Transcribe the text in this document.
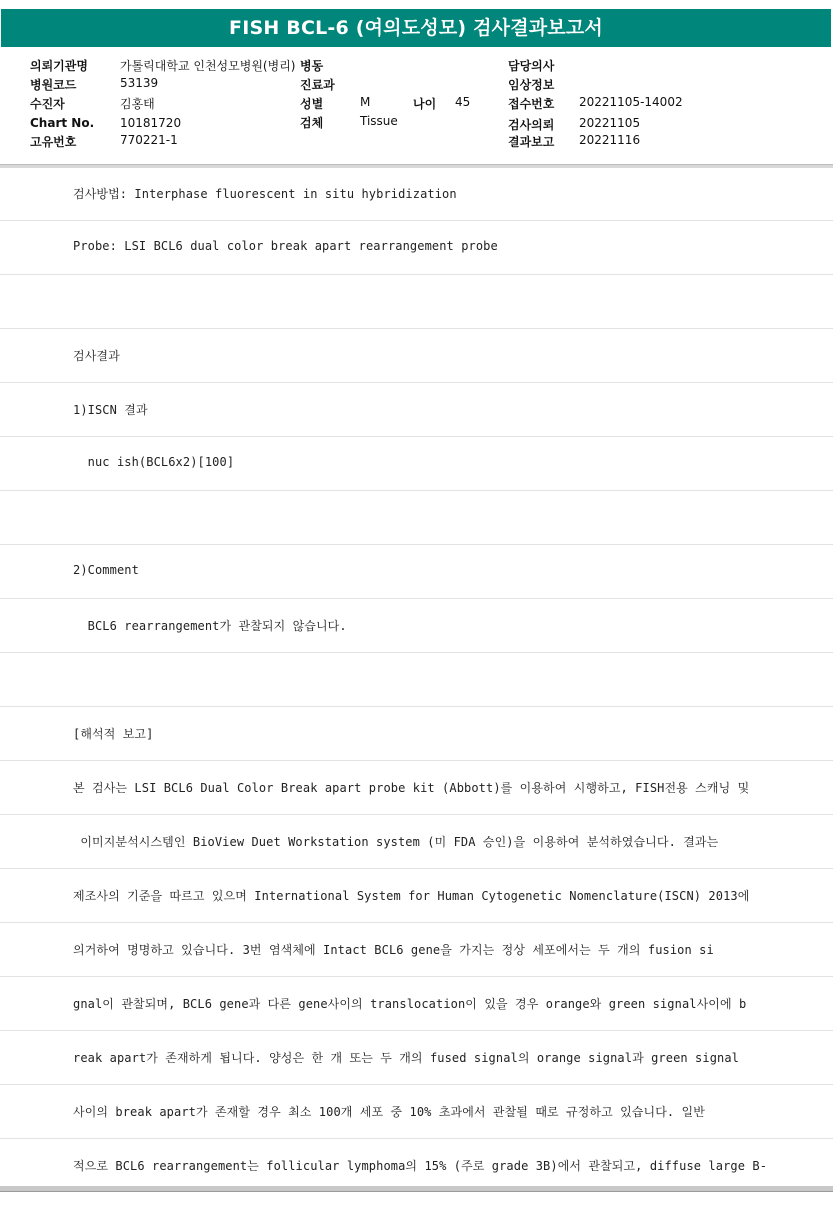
FISH BCL-6 (여의도성모) 검사결과보고서
의뢰기관명	가톨릭대학교 인천성모병원(병리) 병동	담당의사
병원코드	53139	진료과	임상정보
수진자	김홍태	성별	M	나이 45	접수번호 20221105-14002
Chart No. 10181720	검체	Tissue	검사의뢰 20221105
고유번호	770221-1	결과보고 20221116
검사방법: Interphase fluorescent in situ hybridization
Probe: LSI BCL6 dual color break apart rearrangement probe
검사결과
1)ISCN 결과
nuc ish(BCL6x2)[100]
2)Comment
BCL6 rearrangement가 관찰되지 않습니다.
[해석적 보고]
본 검사는 LSI BCL6 Dual Color Break apart probe kit (Abbott)를 이용하여 시행하고, FISH전용 스캐닝 및
이미지분석시스템인 BioView Duet Workstation system (미 FDA 승인)을 이용하여 분석하였습니다. 결과는
제조사의 기준을 따르고 있으며 International System for Human Cytogenetic Nomenclature(ISCN) 2013에
의거하여 명명하고 있습니다. 3번 염색체에 Intact BCL6 gene을 가지는 정상 세포에서는 두 개의 fusion si
gnal이 관찰되며, BCL6 gene과 다른 gene사이의 translocation이 있을 경우 orange와 green signal사이에 b
reak apart가 존재하게 됩니다. 양성은 한 개 또는 두 개의 fused signal의 orange signal과 green signal
사이의 break apart가 존재할 경우 최소 100개 세포 중 10% 초과에서 관찰될 때로 규정하고 있습니다. 일반
적으로 BCL6 rearrangement는 follicular lymphoma의 15% (주로 grade 3B)에서 관찰되고, diffuse large B-
